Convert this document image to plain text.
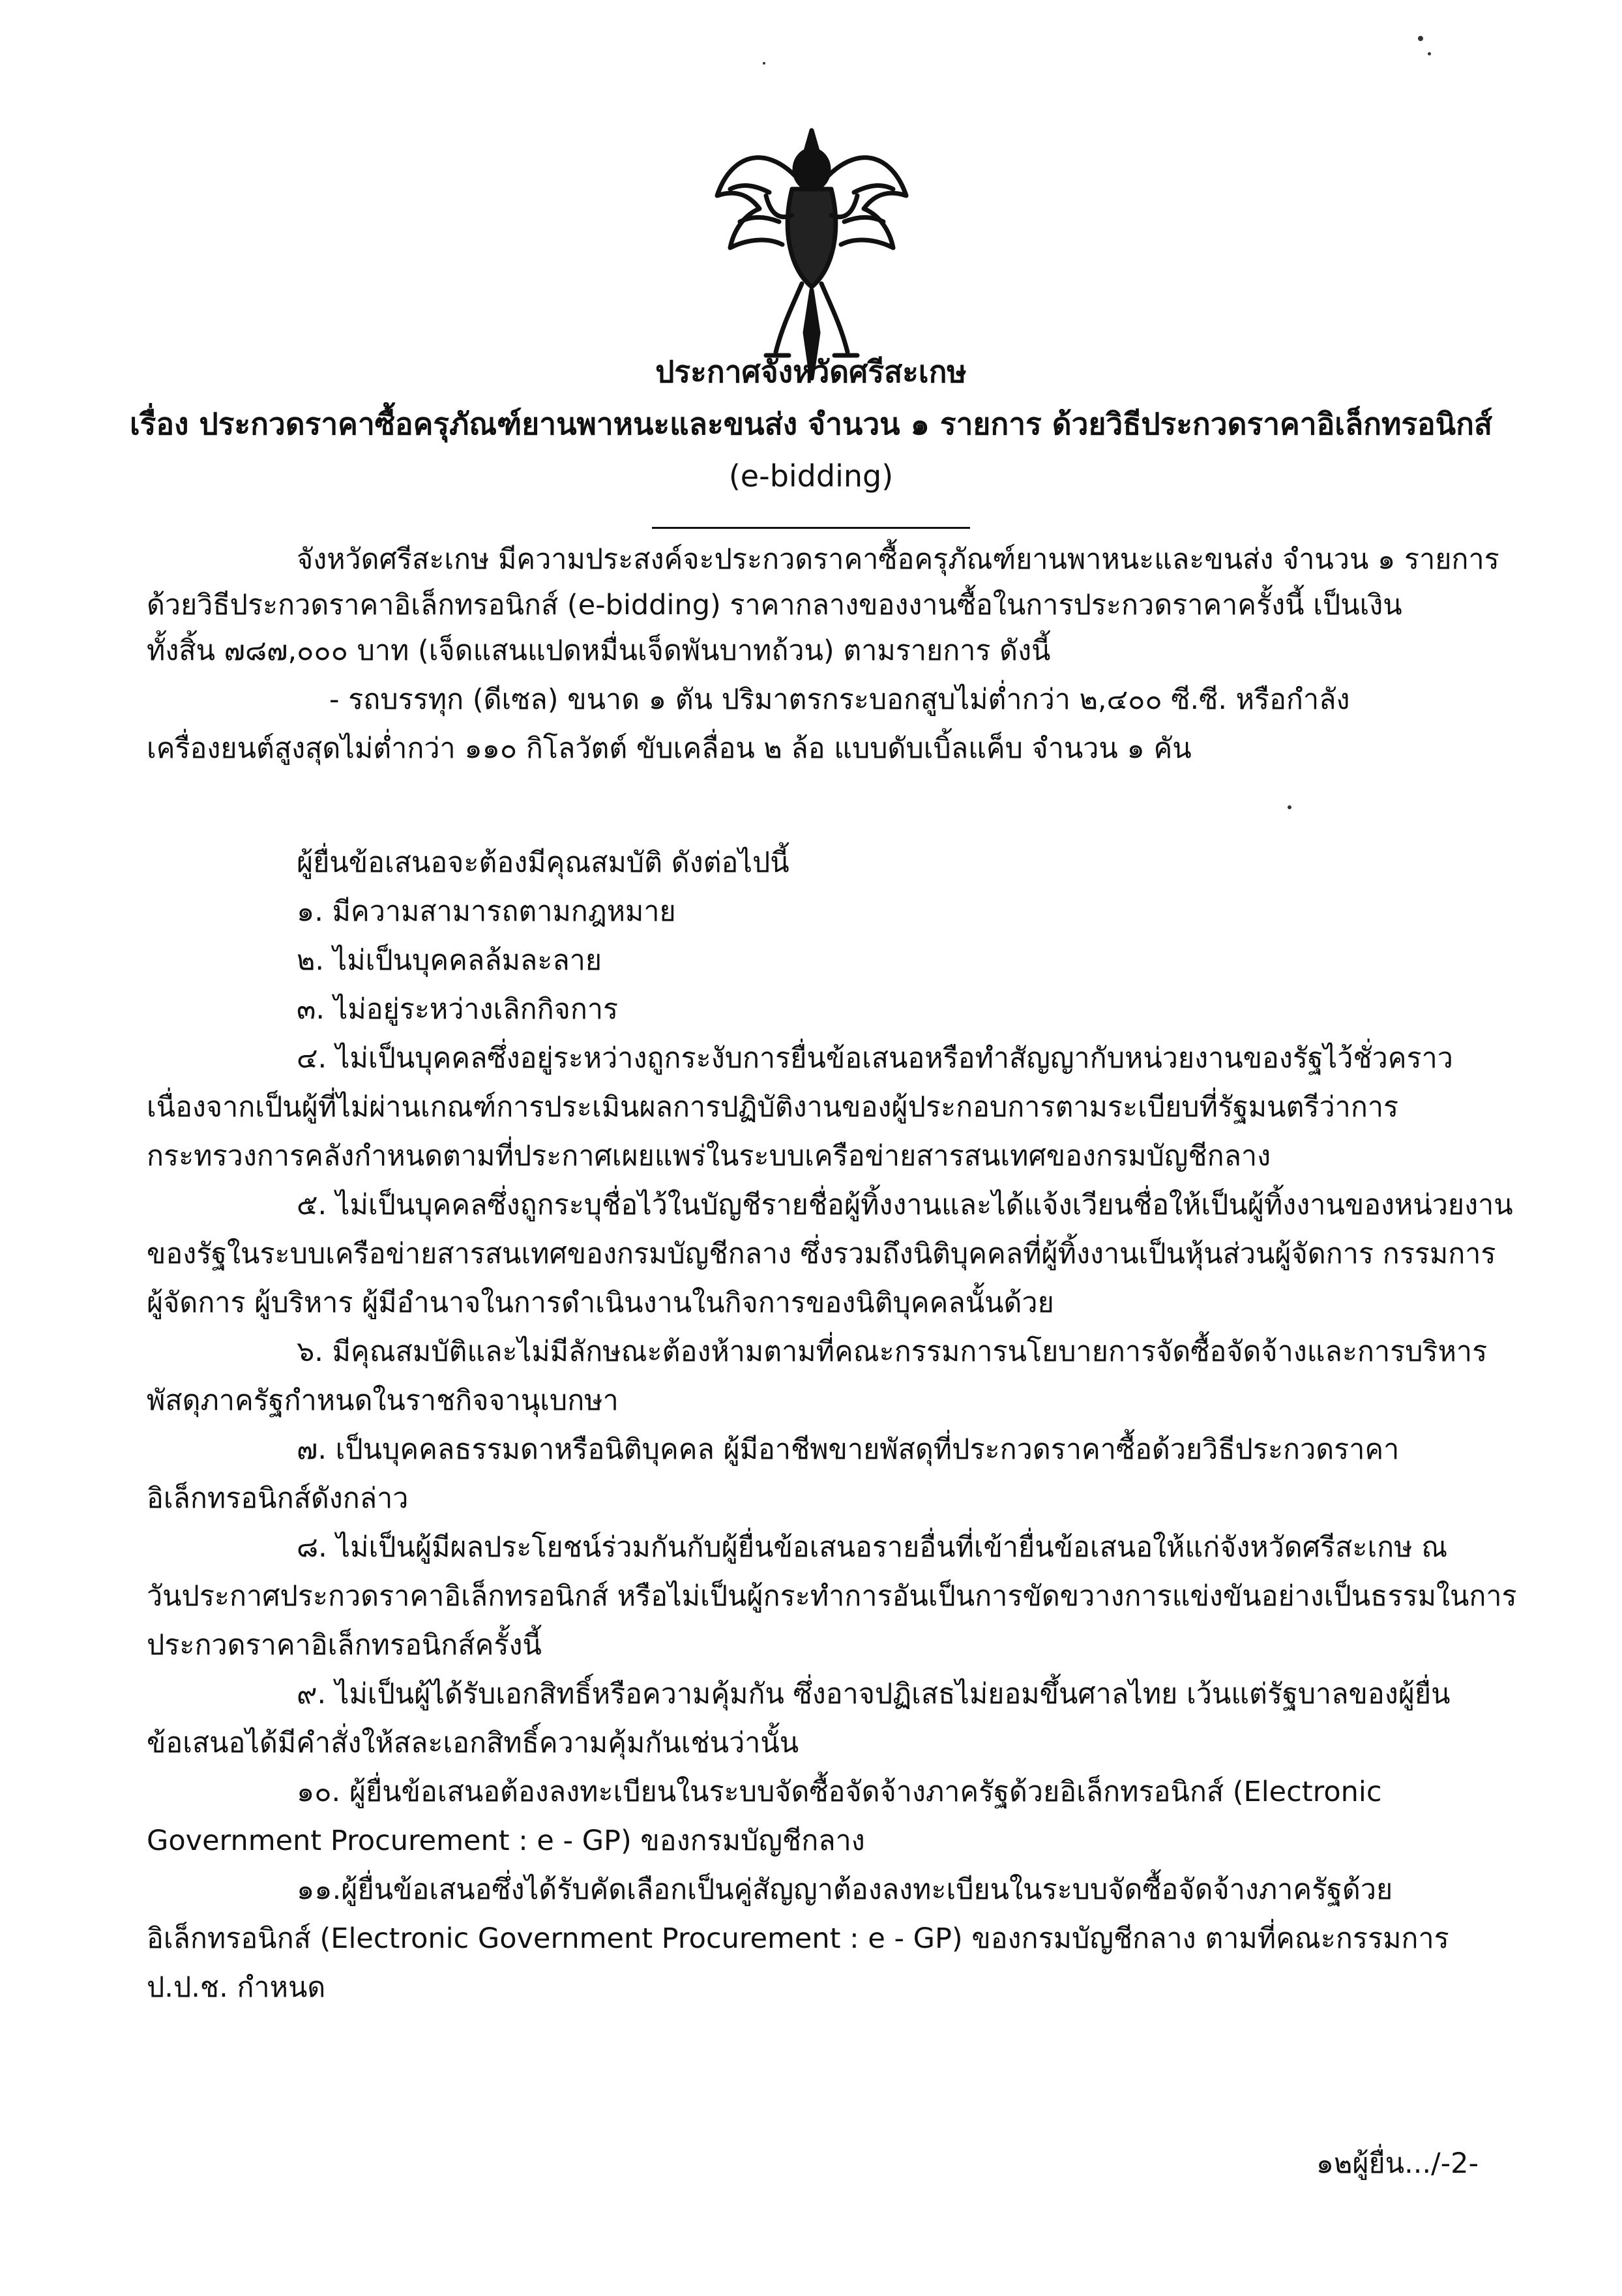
ประกาศจังหวัดศรีสะเกษ
เรื่อง ประกวดราคาซื้อครุภัณฑ์ยานพาหนะและขนส่ง จำนวน ๑ รายการ ด้วยวิธีประกวดราคาอิเล็กทรอนิกส์
(e-bidding)
จังหวัดศรีสะเกษ มีความประสงค์จะประกวดราคาซื้อครุภัณฑ์ยานพาหนะและขนส่ง จำนวน ๑ รายการ
ด้วยวิธีประกวดราคาอิเล็กทรอนิกส์ (e-bidding) ราคากลางของงานซื้อในการประกวดราคาครั้งนี้ เป็นเงิน
ทั้งสิ้น ๗๘๗,๐๐๐ บาท (เจ็ดแสนแปดหมื่นเจ็ดพันบาทถ้วน) ตามรายการ ดังนี้
- รถบรรทุก (ดีเซล) ขนาด ๑ ตัน ปริมาตรกระบอกสูบไม่ต่ำกว่า ๒,๔๐๐ ซี.ซี. หรือกำลัง
เครื่องยนต์สูงสุดไม่ต่ำกว่า ๑๑๐ กิโลวัตต์ ขับเคลื่อน ๒ ล้อ แบบดับเบิ้ลแค็บ จำนวน ๑ คัน
ผู้ยื่นข้อเสนอจะต้องมีคุณสมบัติ ดังต่อไปนี้
๑. มีความสามารถตามกฎหมาย
๒. ไม่เป็นบุคคลล้มละลาย
๓. ไม่อยู่ระหว่างเลิกกิจการ
๔. ไม่เป็นบุคคลซึ่งอยู่ระหว่างถูกระงับการยื่นข้อเสนอหรือทำสัญญากับหน่วยงานของรัฐไว้ชั่วคราว
เนื่องจากเป็นผู้ที่ไม่ผ่านเกณฑ์การประเมินผลการปฏิบัติงานของผู้ประกอบการตามระเบียบที่รัฐมนตรีว่าการ
กระทรวงการคลังกำหนดตามที่ประกาศเผยแพร่ในระบบเครือข่ายสารสนเทศของกรมบัญชีกลาง
๕. ไม่เป็นบุคคลซึ่งถูกระบุชื่อไว้ในบัญชีรายชื่อผู้ทิ้งงานและได้แจ้งเวียนชื่อให้เป็นผู้ทิ้งงานของหน่วยงาน
ของรัฐในระบบเครือข่ายสารสนเทศของกรมบัญชีกลาง ซึ่งรวมถึงนิติบุคคลที่ผู้ทิ้งงานเป็นหุ้นส่วนผู้จัดการ กรรมการ
ผู้จัดการ ผู้บริหาร ผู้มีอำนาจในการดำเนินงานในกิจการของนิติบุคคลนั้นด้วย
๖. มีคุณสมบัติและไม่มีลักษณะต้องห้ามตามที่คณะกรรมการนโยบายการจัดซื้อจัดจ้างและการบริหาร
พัสดุภาครัฐกำหนดในราชกิจจานุเบกษา
๗. เป็นบุคคลธรรมดาหรือนิติบุคคล ผู้มีอาชีพขายพัสดุที่ประกวดราคาซื้อด้วยวิธีประกวดราคา
อิเล็กทรอนิกส์ดังกล่าว
๘. ไม่เป็นผู้มีผลประโยชน์ร่วมกันกับผู้ยื่นข้อเสนอรายอื่นที่เข้ายื่นข้อเสนอให้แก่จังหวัดศรีสะเกษ ณ
วันประกาศประกวดราคาอิเล็กทรอนิกส์ หรือไม่เป็นผู้กระทำการอันเป็นการขัดขวางการแข่งขันอย่างเป็นธรรมในการ
ประกวดราคาอิเล็กทรอนิกส์ครั้งนี้
๙. ไม่เป็นผู้ได้รับเอกสิทธิ์หรือความคุ้มกัน ซึ่งอาจปฏิเสธไม่ยอมขึ้นศาลไทย เว้นแต่รัฐบาลของผู้ยื่น
ข้อเสนอได้มีคำสั่งให้สละเอกสิทธิ์ความคุ้มกันเช่นว่านั้น
๑๐. ผู้ยื่นข้อเสนอต้องลงทะเบียนในระบบจัดซื้อจัดจ้างภาครัฐด้วยอิเล็กทรอนิกส์ (Electronic
Government Procurement : e - GP) ของกรมบัญชีกลาง
๑๑.ผู้ยื่นข้อเสนอซึ่งได้รับคัดเลือกเป็นคู่สัญญาต้องลงทะเบียนในระบบจัดซื้อจัดจ้างภาครัฐด้วย
อิเล็กทรอนิกส์ (Electronic Government Procurement : e - GP) ของกรมบัญชีกลาง ตามที่คณะกรรมการ
ป.ป.ช. กำหนด
๑๒ผู้ยื่น.../-2-
